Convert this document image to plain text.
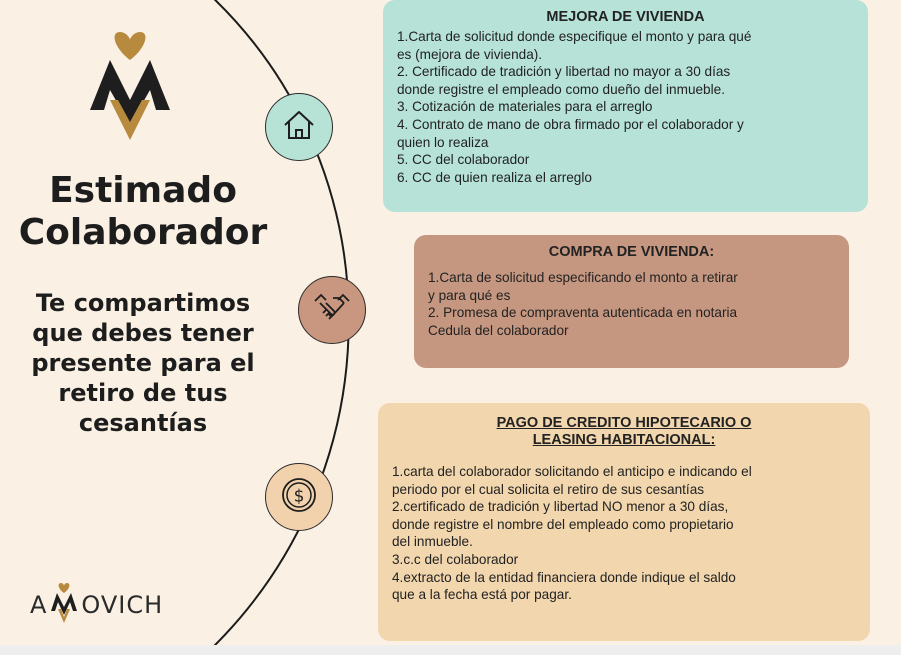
Estimado
Colaborador
Te compartimos
que debes tener
presente para el
retiro de tus
cesantías
A OVICH
$
MEJORA DE VIVIENDA
1.Carta de solicitud donde especifique el monto y para qué
es (mejora de vivienda).
2. Certificado de tradición y libertad no mayor a 30 días
donde registre el empleado como dueño del inmueble.
3. Cotización de materiales para el arreglo
4. Contrato de mano de obra firmado por el colaborador y
quien lo realiza
5. CC del colaborador
6. CC de quien realiza el arreglo
COMPRA DE VIVIENDA:
1.Carta de solicitud especificando el monto a retirar
y para qué es
2. Promesa de compraventa autenticada en notaria
Cedula del colaborador
PAGO DE CREDITO HIPOTECARIO O
LEASING HABITACIONAL:
1.carta del colaborador solicitando el anticipo e indicando el
periodo por el cual solicita el retiro de sus cesantías
2.certificado de tradición y libertad NO menor a 30 días,
donde registre el nombre del empleado como propietario
del inmueble.
3.c.c del colaborador
4.extracto de la entidad financiera donde indique el saldo
que a la fecha está por pagar.
